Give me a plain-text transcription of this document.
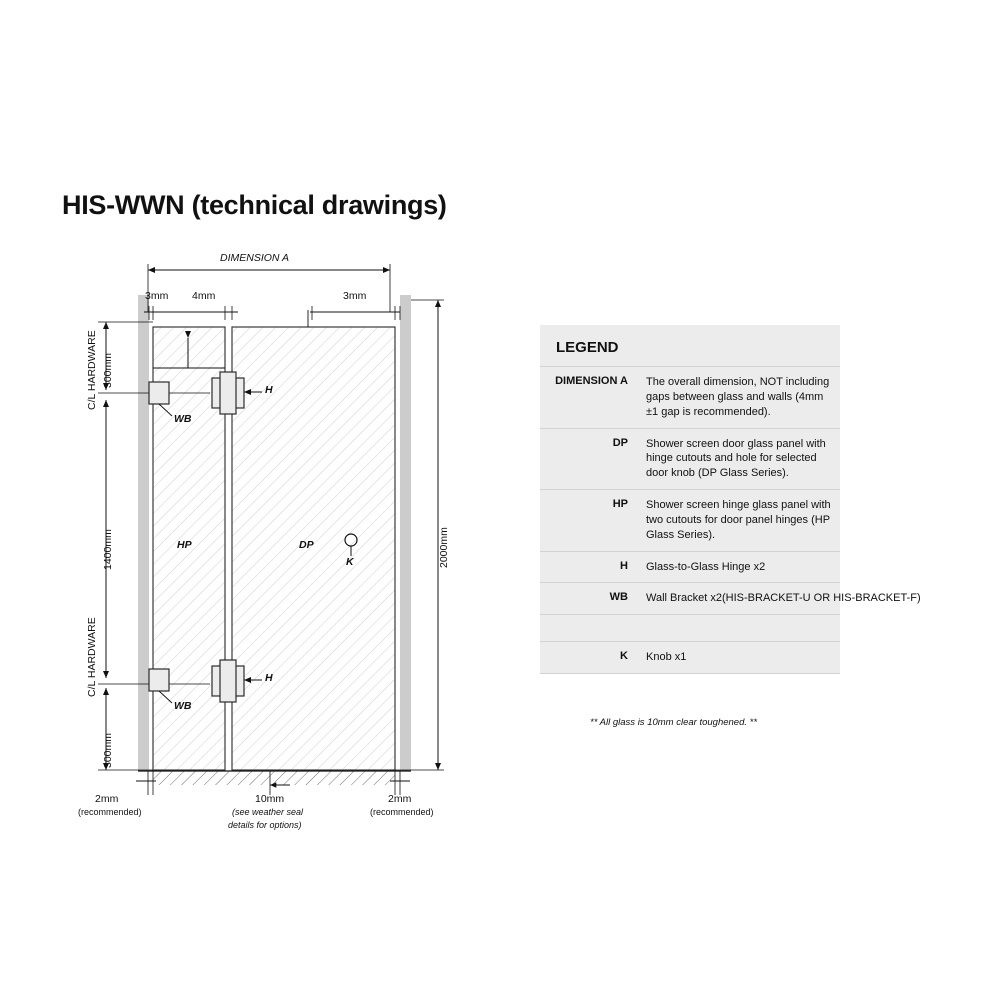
HIS-WWN (technical drawings)
DIMENSION A
3mm 4mm	3mm
2000mm
1400mm
300mm
300mm
C/L HARDWARE
C/L HARDWARE
HP	DP
K
H
H
WB
WB
2mm
(recommended)
10mm
(see weather seal
details for options)
2mm
(recommended)
LEGEND
DIMENSION A	The overall dimension, NOT including gaps between glass and walls (4mm ±1 gap is recommended).
DP	Shower screen door glass panel with hinge cutouts and hole for selected door knob (DP Glass Series).
HP	Shower screen hinge glass panel with two cutouts for door panel hinges (HP Glass Series).
H	Glass-to-Glass Hinge x2
WB	Wall Bracket x2(HIS-BRACKET-U OR HIS-BRACKET-F)
K	Knob x1
** All glass is 10mm clear toughened. **
